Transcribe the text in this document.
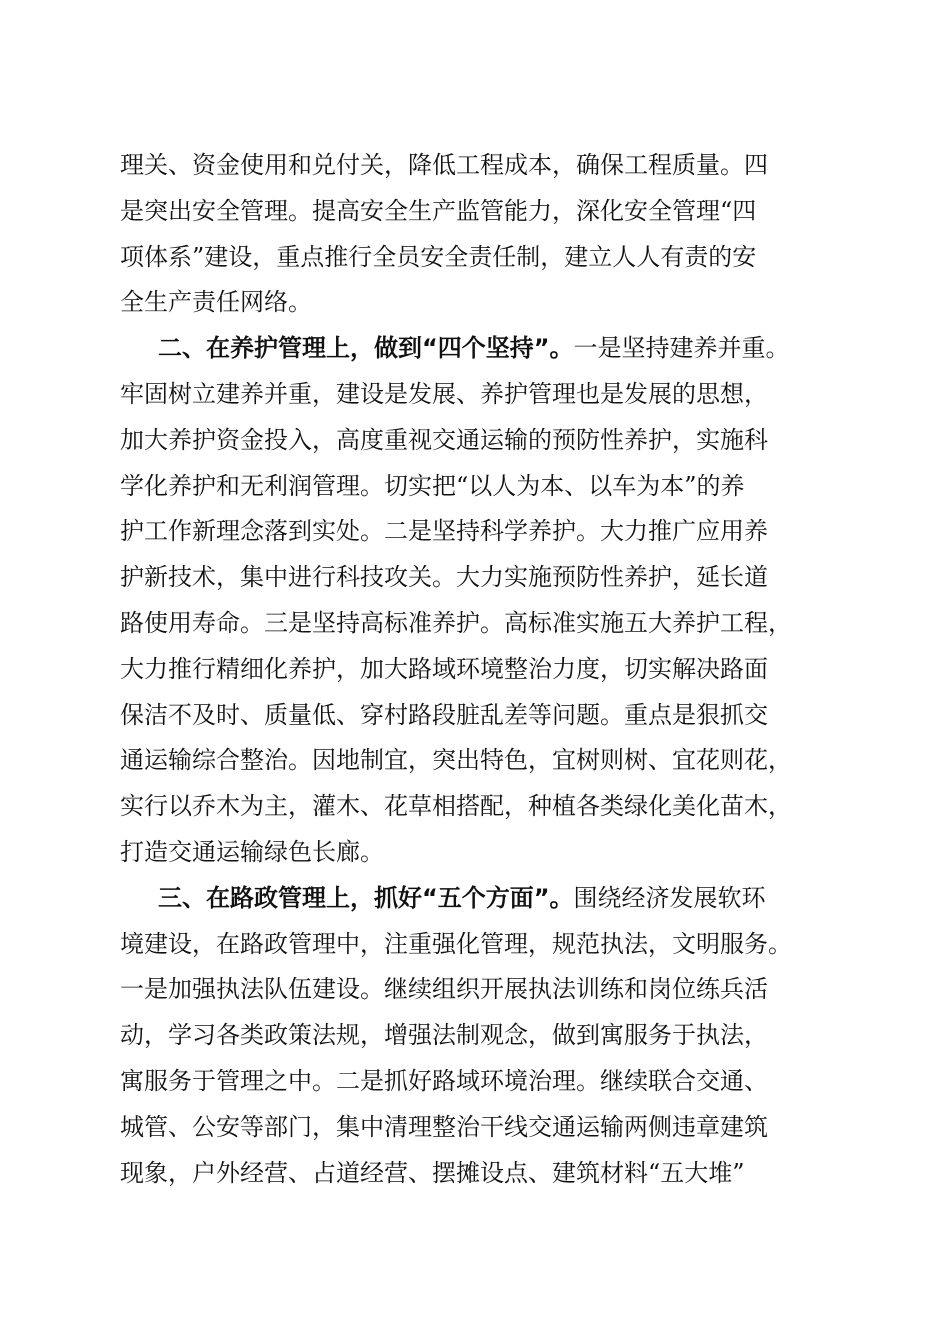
理关、资金使用和兑付关，降低工程成本，确保工程质量。四
是突出安全管理。提高安全生产监管能力，深化安全管理“四
项体系”建设，重点推行全员安全责任制，建立人人有责的安
全生产责任网络。
二、在养护管理上，做到“四个坚持”。一是坚持建养并重。
牢固树立建养并重，建设是发展、养护管理也是发展的思想，
加大养护资金投入，高度重视交通运输的预防性养护，实施科
学化养护和无利润管理。切实把“以人为本、以车为本”的养
护工作新理念落到实处。二是坚持科学养护。大力推广应用养
护新技术，集中进行科技攻关。大力实施预防性养护，延长道
路使用寿命。三是坚持高标准养护。高标准实施五大养护工程，
大力推行精细化养护，加大路域环境整治力度，切实解决路面
保洁不及时、质量低、穿村路段脏乱差等问题。重点是狠抓交
通运输综合整治。因地制宜，突出特色，宜树则树、宜花则花，
实行以乔木为主，灌木、花草相搭配，种植各类绿化美化苗木，
打造交通运输绿色长廊。
三、在路政管理上，抓好“五个方面”。围绕经济发展软环
境建设，在路政管理中，注重强化管理，规范执法，文明服务。
一是加强执法队伍建设。继续组织开展执法训练和岗位练兵活
动，学习各类政策法规，增强法制观念，做到寓服务于执法，
寓服务于管理之中。二是抓好路域环境治理。继续联合交通、
城管、公安等部门，集中清理整治干线交通运输两侧违章建筑
现象，户外经营、占道经营、摆摊设点、建筑材料“五大堆”
